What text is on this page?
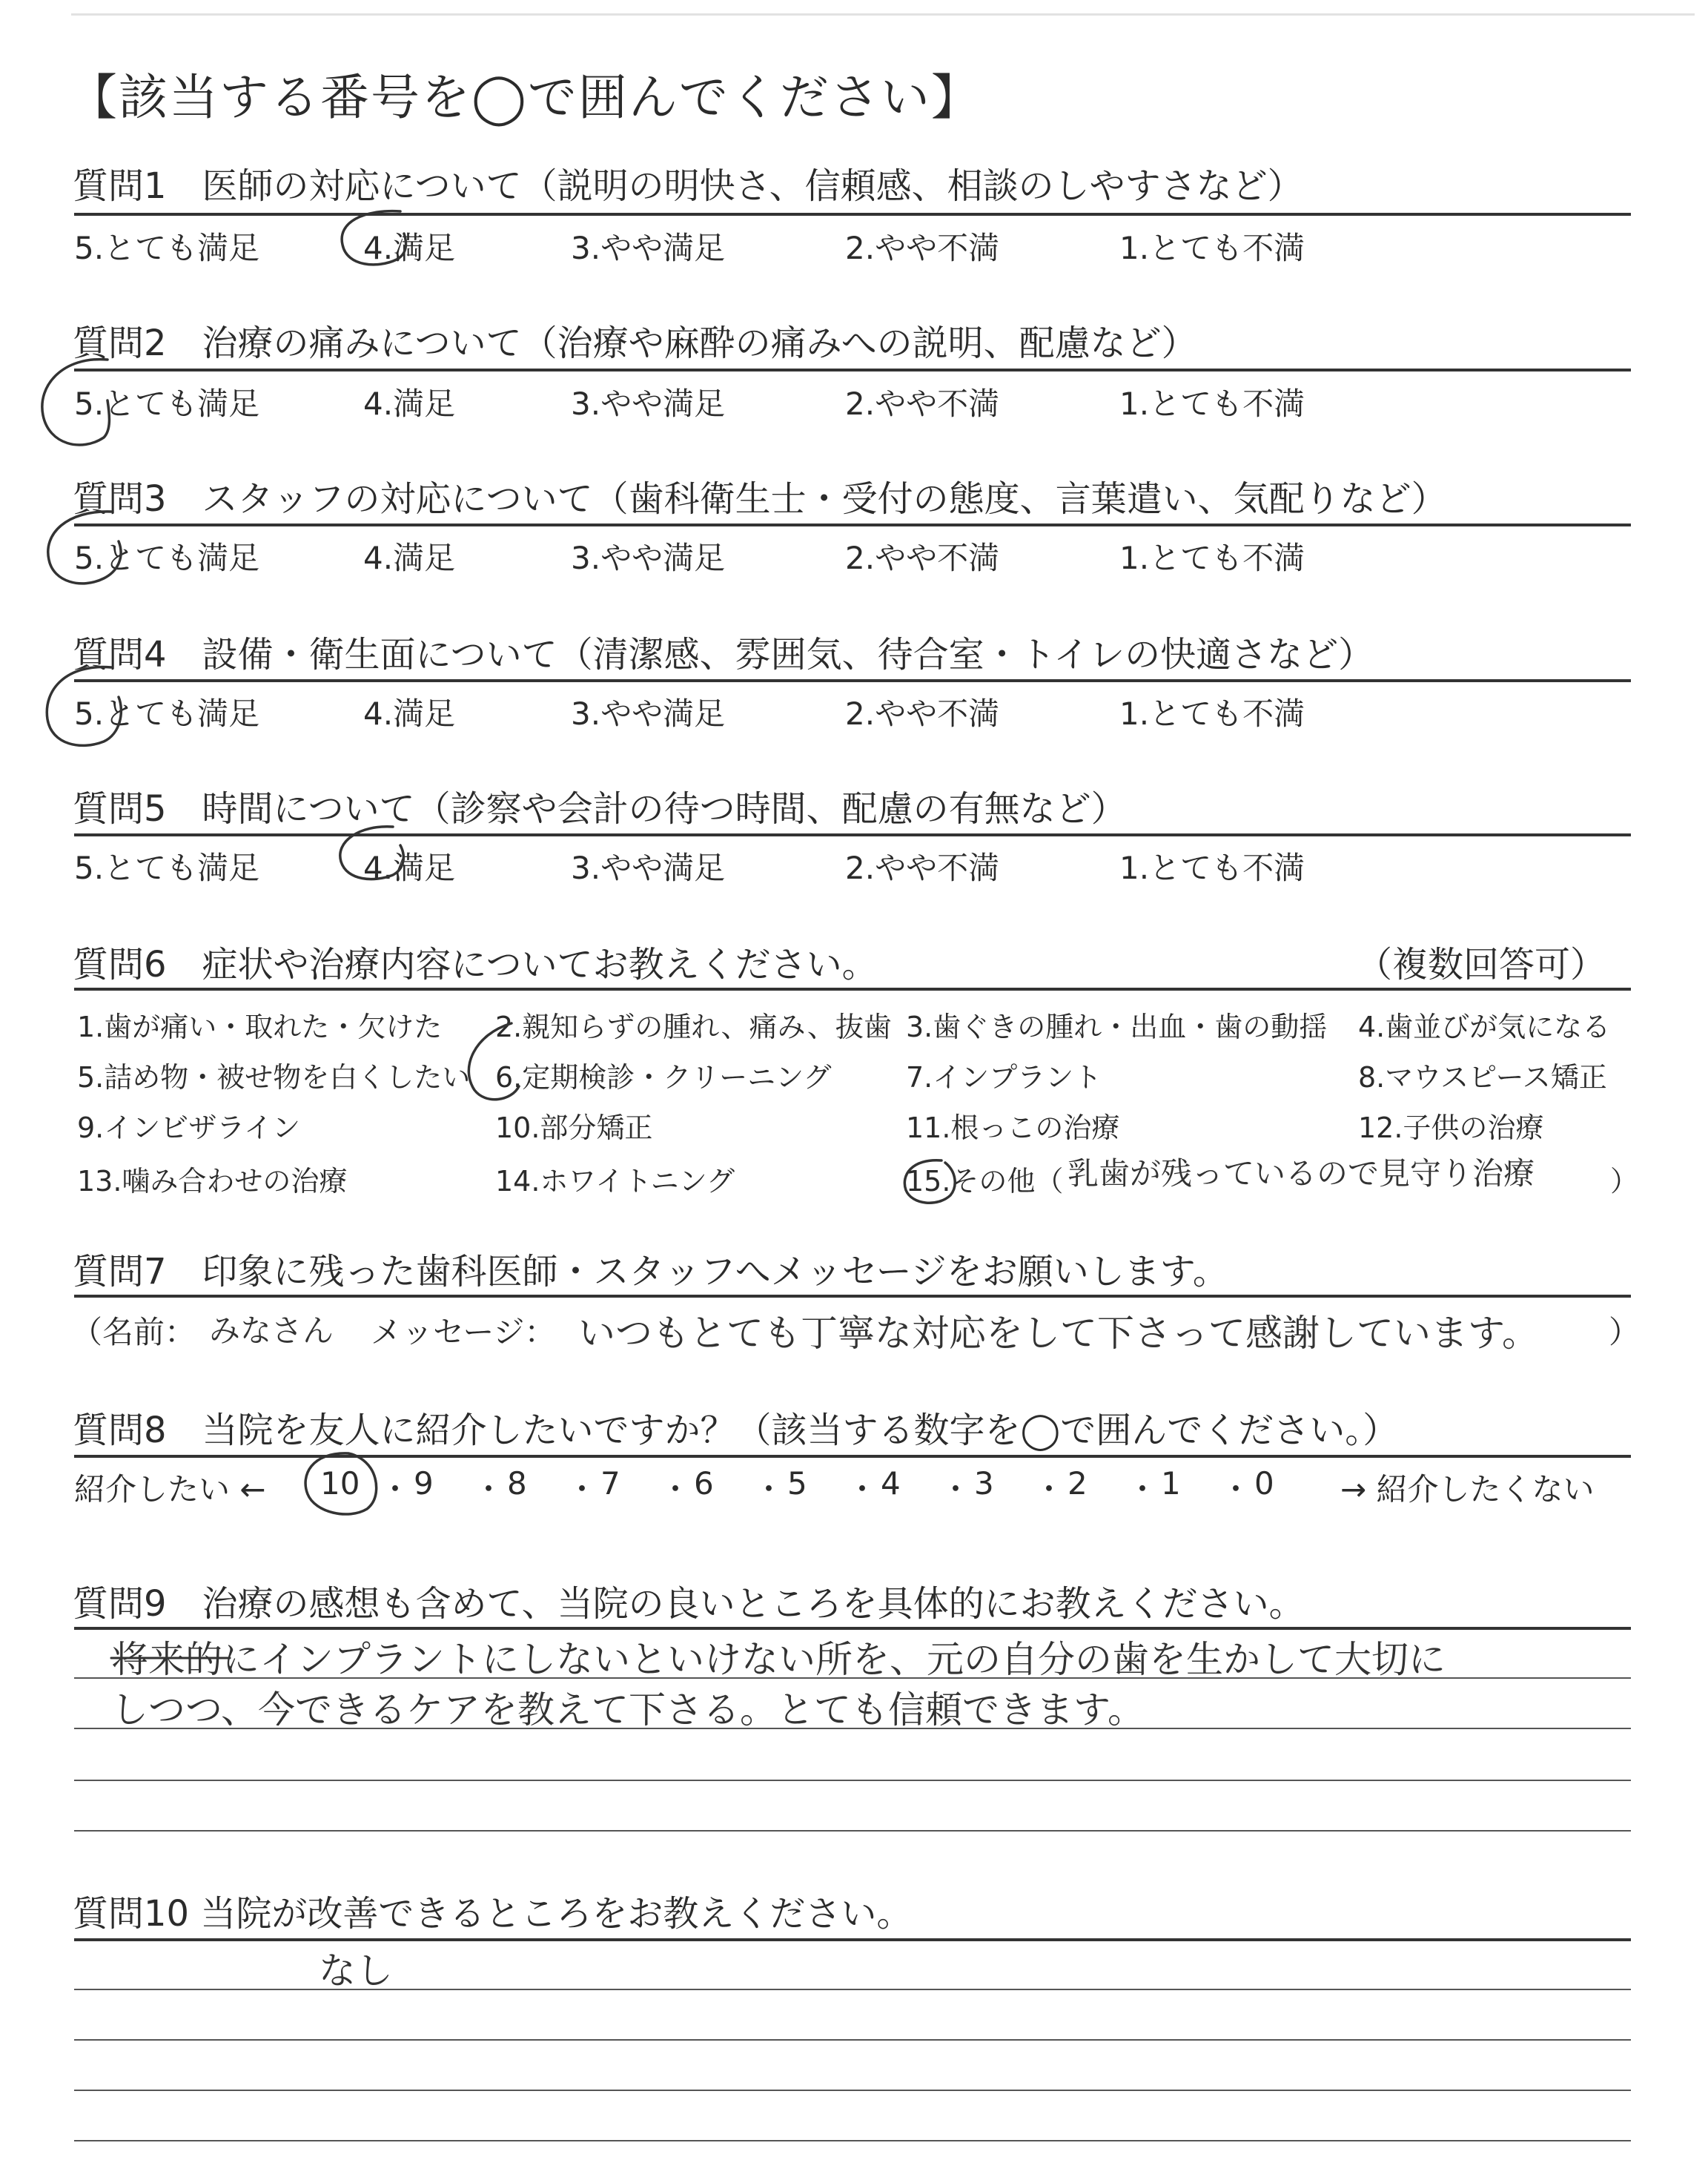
【該当する番号を◯で囲んでください】
質問1　医師の対応について（説明の明快さ、信頼感、相談のしやすさなど）
5.とても満足	4.満足	3.やや満足	2.やや不満	1.とても不満
質問2　治療の痛みについて（治療や麻酔の痛みへの説明、配慮など）
5.とても満足	4.満足	3.やや満足	2.やや不満	1.とても不満
質問3　スタッフの対応について（歯科衛生士・受付の態度、言葉遣い、気配りなど）
5.とても満足	4.満足	3.やや満足	2.やや不満	1.とても不満
質問4　設備・衛生面について（清潔感、雰囲気、待合室・トイレの快適さなど）
5.とても満足	4.満足	3.やや満足	2.やや不満	1.とても不満
質問5　時間について（診察や会計の待つ時間、配慮の有無など）
5.とても満足	4.満足	3.やや満足	2.やや不満	1.とても不満
質問6　症状や治療内容についてお教えください。	（複数回答可）
1.歯が痛い・取れた・欠けた 2.親知らずの腫れ、痛み、抜歯 3.歯ぐきの腫れ・出血・歯の動揺 4.歯並びが気になる
5.詰め物・被せ物を白くしたい 6.定期検診・クリーニング	7.インプラント	8.マウスピース矯正
9.インビザライン	10.部分矯正	11.根っこの治療	12.子供の治療
13.噛み合わせの治療	14.ホワイトニング	15.その他（ 乳歯が残っているので見守り治療	）
質問7　印象に残った歯科医師・スタッフへメッセージをお願いします。
（名前： みなさん メッセージ： いつもとても丁寧な対応をして下さって感謝しています。 ）
質問8　当院を友人に紹介したいですか？（該当する数字を◯で囲んでください。）
紹介したい ←	→ 紹介したくない
10 ・ 9 ・ 8 ・ 7 ・ 6 ・ 5 ・ 4 ・ 3 ・ 2 ・ 1 ・ 0
質問9　治療の感想も含めて、当院の良いところを具体的にお教えください。
将来的にインプラントにしないといけない所を、元の自分の歯を生かして大切に
しつつ、今できるケアを教えて下さる。とても信頼できます。
質問10 当院が改善できるところをお教えください。
なし
